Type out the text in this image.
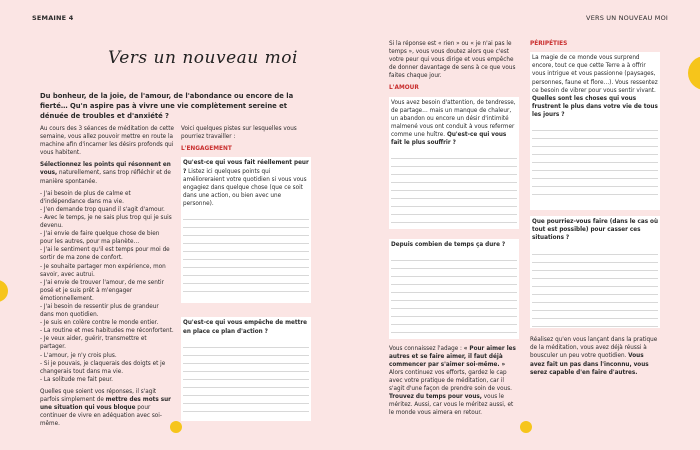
SEMAINE 4	VERS UN NOUVEAU MOI
Vers un nouveau moi
Du bonheur, de la joie, de l'amour, de l'abondance ou encore de la fierté… Qu'n aspire pas à vivre une vie complètement sereine et dénuée de troubles et d'anxiété ?

Au cours des 3 séances de méditation de cette semaine, vous allez pouvoir mettre en route la machine afin d'incarner les désirs profonds qui vous habitent.

Sélectionnez les points qui résonnent en vous, naturellement, sans trop réfléchir et de manière spontanée.

- J'ai besoin de plus de calme et d'indépendance dans ma vie.
- J'en demande trop quand il s'agit d'amour.
- Avec le temps, je ne sais plus trop qui je suis devenu.
- J'ai envie de faire quelque chose de bien pour les autres, pour ma planète…
- J'ai le sentiment qu'il est temps pour moi de sortir de ma zone de confort.
- Je souhaite partager mon expérience, mon savoir, avec autrui.
- J'ai envie de trouver l'amour, de me sentir posé et je suis prêt à m'engager émotionnellement.
- J'ai besoin de ressentir plus de grandeur dans mon quotidien.
- Je suis en colère contre le monde entier.
- La routine et mes habitudes me réconfortent.
- Je veux aider, guérir, transmettre et partager.
- L'amour, je n'y crois plus.
- Si je pouvais, je claquerais des doigts et je changerais tout dans ma vie.
- La solitude me fait peur.

Quelles que soient vos réponses, il s'agit parfois simplement de mettre des mots sur une situation qui vous bloque pour continuer de vivre en adéquation avec soi-même.

Voici quelques pistes sur lesquelles vous pourriez travailler :

L'ENGAGEMENT

Qu'est-ce qui vous fait réellement peur ? Listez ici quelques points qui amélioreraient votre quotidien si vous vous engagiez dans quelque chose (que ce soit dans une action, ou bien avec une personne).

Qu'est-ce qui vous empêche de mettre en place ce plan d'action ?

Si la réponse est « rien » ou « je n'ai pas le temps », vous vous doutez alors que c'est votre peur qui vous dirige et vous empêche de donner davantage de sens à ce que vous faites chaque jour.

L'AMOUR

Vous avez besoin d'attention, de tendresse, de partage… mais un manque de chaleur, un abandon ou encore un désir d'intimité malmené vous ont conduit à vous refermer comme une huître. Qu'est-ce qui vous fait le plus souffrir ?

Depuis combien de temps ça dure ?

Vous connaissez l'adage : « Pour aimer les autres et se faire aimer, il faut déjà commencer par s'aimer soi-même. » Alors continuez vos efforts, gardez le cap avec votre pratique de méditation, car il s'agit d'une façon de prendre soin de vous. Trouvez du temps pour vous, vous le méritez. Aussi, car vous le méritez aussi, et le monde vous aimera en retour.

PÉRIPÉTIES

La magie de ce monde vous surprend encore, tout ce que cette Terre a à offrir vous intrigue et vous passionne (paysages, personnes, faune et flore…). Vous ressentez ce besoin de vibrer pour vous sentir vivant. Quelles sont les choses qui vous frustrent le plus dans votre vie de tous les jours ?

Que pourriez-vous faire (dans le cas où tout est possible) pour casser ces situations ?

Réalisez qu'en vous lançant dans la pratique de la méditation, vous avez déjà réussi à bousculer un peu votre quotidien. Vous avez fait un pas dans l'inconnu, vous serez capable d'en faire d'autres.
